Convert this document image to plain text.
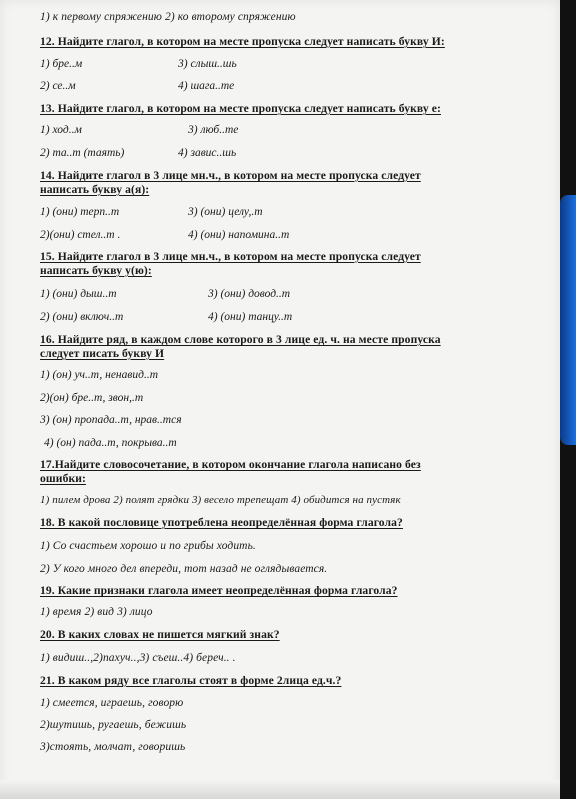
1) к первому спряжению 2) ко второму спряжению
12. Найдите глагол, в котором на месте пропуска следует написать букву И:
1) бре..м	3) слыш..шь
2) се..м	4) шага..те
13. Найдите глагол, в котором на месте пропуска следует написать букву е:
1) ход..м	3) люб..те
2) та..т (таять)	4) завис..шь
14. Найдите глагол в 3 лице мн.ч., в котором на месте пропуска следует
написать букву а(я):
1) (они) терп..т	3) (они) целу,.т
2)(они) стел..т .	4) (они) напомина..т
15. Найдите глагол в 3 лице мн.ч., в котором на месте пропуска следует
написать букву у(ю):
1) (они) дыш..т	3) (они) довод..т
2) (они) включ..т	4) (они) танцу..т
16. Найдите ряд, в каждом слове которого в 3 лице ед. ч. на месте пропуска
следует писать букву И
1) (он) уч..т, ненавид..т
2)(он) бре..т, звон,.т
3) (он) пропада..т, нрав..тся
4) (он) пада..т, покрыва..т
17.Найдите словосочетание, в котором окончание глагола написано без
ошибки:
1) пилем дрова 2) полят грядки 3) весело трепещат 4) обидится на пустяк
18. В какой пословице употреблена неопределённая форма глагола?
1) Со счастьем хорошо и по грибы ходить.
2) У кого много дел впереди, тот назад не оглядывается.
19. Какие признаки глагола имеет неопределённая форма глагола?
1) время 2) вид 3) лицо
20. В каких словах не пишется мягкий знак?
1) видиш..,2)пахуч..,3) съеш..4) береч.. .
21. В каком ряду все глаголы стоят в форме 2лица ед.ч.?
1) смеется, играешь, говорю
2)шутишь, ругаешь, бежишь
3)стоять, молчат, говоришь
